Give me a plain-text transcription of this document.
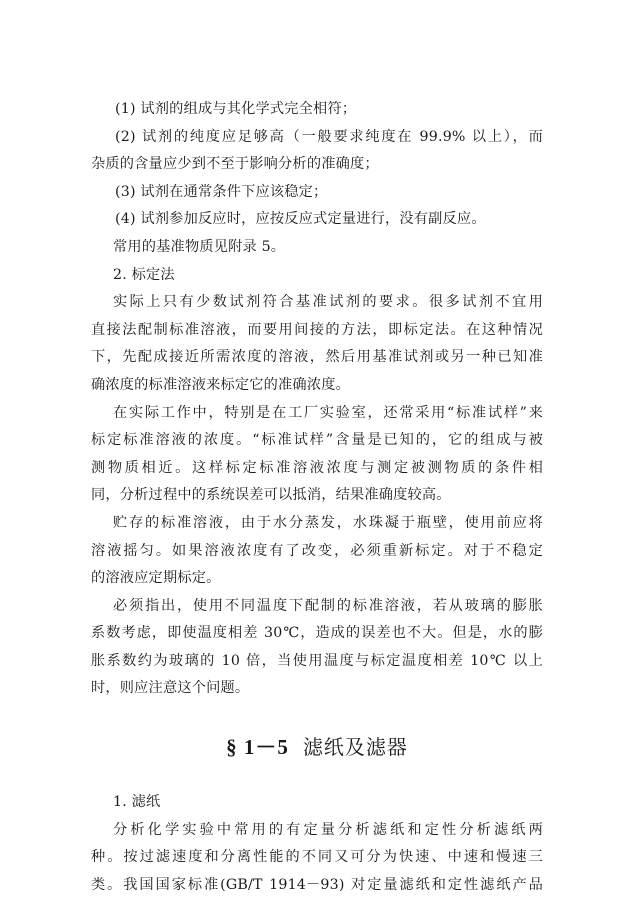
(1) 试剂的组成与其化学式完全相符；
(2) 试剂的纯度应足够高（一般要求纯度在 99.9% 以上），而
杂质的含量应少到不至于影响分析的准确度；
(3) 试剂在通常条件下应该稳定；
(4) 试剂参加反应时，应按反应式定量进行，没有副反应。
常用的基准物质见附录 5。
2. 标定法
实际上只有少数试剂符合基准试剂的要求。很多试剂不宜用
直接法配制标准溶液，而要用间接的方法，即标定法。在这种情况
下，先配成接近所需浓度的溶液，然后用基准试剂或另一种已知准
确浓度的标准溶液来标定它的准确浓度。
在实际工作中，特别是在工厂实验室，还常采用“标准试样”来
标定标准溶液的浓度。“标准试样”含量是已知的，它的组成与被
测物质相近。这样标定标准溶液浓度与测定被测物质的条件相
同，分析过程中的系统误差可以抵消，结果准确度较高。
贮存的标准溶液，由于水分蒸发，水珠凝于瓶壁，使用前应将
溶液摇匀。如果溶液浓度有了改变，必须重新标定。对于不稳定
的溶液应定期标定。
必须指出，使用不同温度下配制的标准溶液，若从玻璃的膨胀
系数考虑，即使温度相差 30℃，造成的误差也不大。但是，水的膨
胀系数约为玻璃的 10 倍，当使用温度与标定温度相差 10℃ 以上
时，则应注意这个问题。
§ 1－5 滤纸及滤器
1. 滤纸
分析化学实验中常用的有定量分析滤纸和定性分析滤纸两
种。按过滤速度和分离性能的不同又可分为快速、中速和慢速三
类。我国国家标准(GB/T 1914－93) 对定量滤纸和定性滤纸产品
